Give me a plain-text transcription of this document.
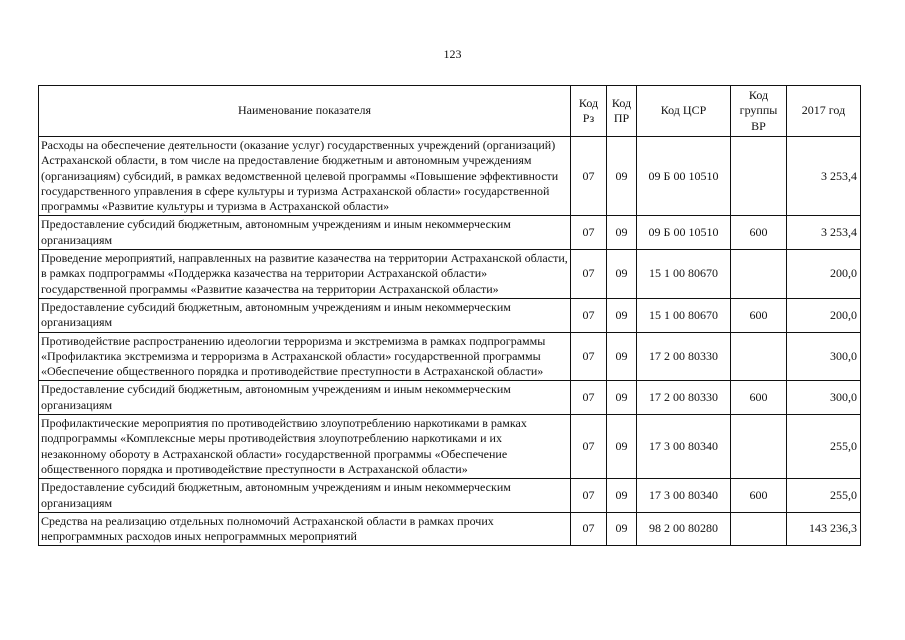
123
Наименование показателя	Код Рз	Код ПР	Код ЦСР	Код группы ВР	2017 год
Расходы на обеспечение деятельности (оказание услуг) государственных учреждений (организаций) Астраханской области, в том числе на предоставление бюджетным и автономным учреждениям (организациям) субсидий, в рамках ведомственной целевой программы «Повышение эффективности государственного управления в сфере культуры и туризма Астраханской области» государственной программы «Развитие культуры и туризма в Астраханской области»	07	09	09 Б 00 10510		3 253,4
Предоставление субсидий бюджетным, автономным учреждениям и иным некоммерческим организациям	07	09	09 Б 00 10510	600	3 253,4
Проведение мероприятий, направленных на развитие казачества на территории Астраханской области, в рамках подпрограммы «Поддержка казачества на территории Астраханской области» государственной программы «Развитие казачества на территории Астраханской области»	07	09	15 1 00 80670		200,0
Предоставление субсидий бюджетным, автономным учреждениям и иным некоммерческим организациям	07	09	15 1 00 80670	600	200,0
Противодействие распространению идеологии терроризма и экстремизма в рамках подпрограммы «Профилактика экстремизма и терроризма в Астраханской области» государственной программы «Обеспечение общественного порядка и противодействие преступности в Астраханской области»	07	09	17 2 00 80330		300,0
Предоставление субсидий бюджетным, автономным учреждениям и иным некоммерческим организациям	07	09	17 2 00 80330	600	300,0
Профилактические мероприятия по противодействию злоупотреблению наркотиками в рамках подпрограммы «Комплексные меры противодействия злоупотреблению наркотиками и их незаконному обороту в Астраханской области» государственной программы «Обеспечение общественного порядка и противодействие преступности в Астраханской области»	07	09	17 3 00 80340		255,0
Предоставление субсидий бюджетным, автономным учреждениям и иным некоммерческим организациям	07	09	17 3 00 80340	600	255,0
Средства на реализацию отдельных полномочий Астраханской области в рамках прочих непрограммных расходов иных непрограммных мероприятий	07	09	98 2 00 80280		143 236,3
